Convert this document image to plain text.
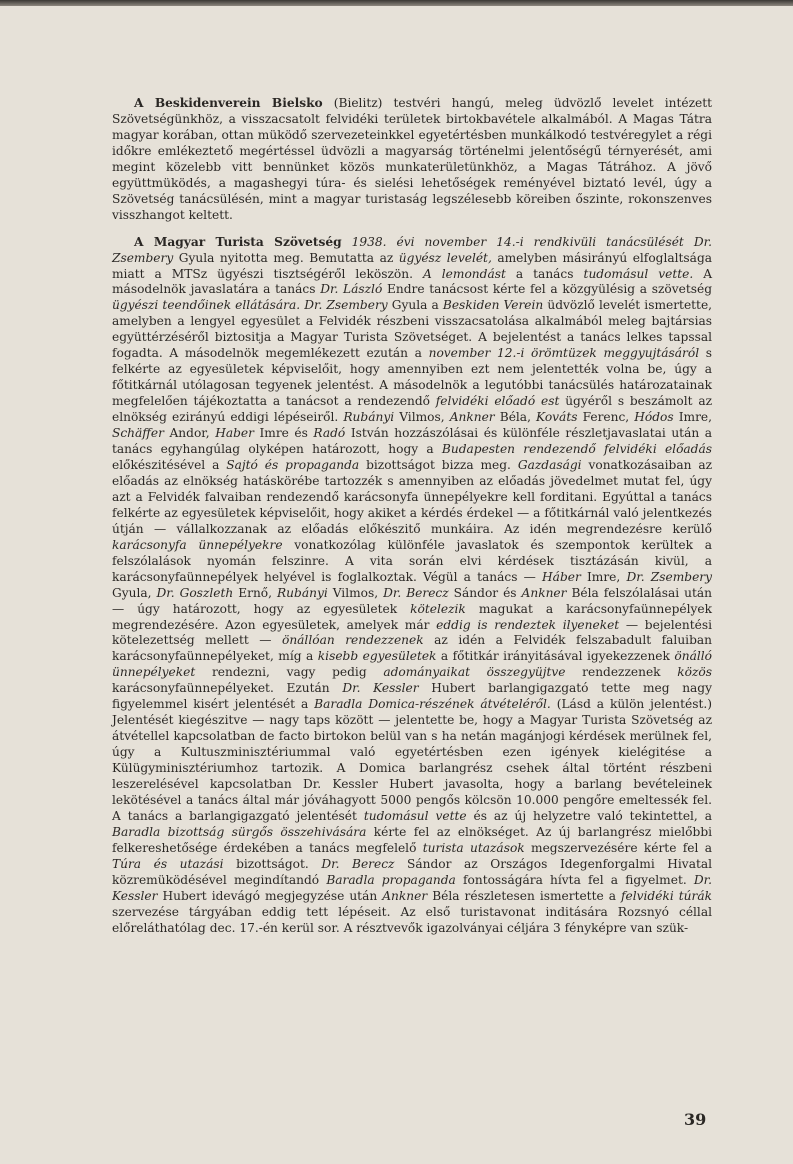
A Beskidenverein Bielsko (Bielitz) testvéri hangú, meleg üdvözlő levelet intézett Szövetségünkhöz, a visszacsatolt felvidéki területek birtokbavétele alkalmából. A Magas Tátra magyar korában, ottan müködő szervezeteinkkel egyetértésben munkálkodó testvéregylet a régi időkre emlékeztető megértéssel üdvözli a magyarság történelmi jelentőségű térnyerését, ami megint közelebb vitt bennünket közös munkaterületünkhöz, a Magas Tátrához. A jövő együttmüködés, a magashegyi túra- és sielési lehetőségek reményével biztató levél, úgy a Szövetség tanácsülésén, mint a magyar turistaság legszélesebb köreiben őszinte, rokonszenves visszhangot keltett.

A Magyar Turista Szövetség 1938. évi november 14.-i rendkivüli tanácsülését Dr. Zsembery Gyula nyitotta meg. Bemutatta az ügyész levelét, amelyben másirányú elfoglaltsága miatt a MTSz ügyészi tisztségéről leköszön. A lemondást a tanács tudomásul vette. A másodelnök javaslatára a tanács Dr. László Endre tanácsost kérte fel a közgyülésig a szövetség ügyészi teendőinek ellátására. Dr. Zsembery Gyula a Beskiden Verein üdvözlő levelét ismertette, amelyben a lengyel egyesület a Felvidék részbeni visszacsatolása alkalmából meleg bajtársias együttérzéséről biztositja a Magyar Turista Szövetséget. A bejelentést a tanács lelkes tapssal fogadta. A másodelnök megemlékezett ezután a november 12.-i örömtüzek meggyujtásáról s felkérte az egyesületek képviselőit, hogy amennyiben ezt nem jelentették volna be, úgy a főtitkárnál utólagosan tegyenek jelentést. A másodelnök a legutóbbi tanácsülés határozatainak megfelelően tájékoztatta a tanácsot a rendezendő felvidéki előadó est ügyéről s beszámolt az elnökség ezirányú eddigi lépéseiről. Rubányi Vilmos, Ankner Béla, Kováts Ferenc, Hódos Imre, Schäffer Andor, Haber Imre és Radó István hozzászólásai és különféle részletjavaslatai után a tanács egyhangúlag olyképen határozott, hogy a Budapesten rendezendő felvidéki előadás előkészitésével a Sajtó és propaganda bizottságot bizza meg. Gazdasági vonatkozásaiban az előadás az elnökség hatáskörébe tartozzék s amennyiben az előadás jövedelmet mutat fel, úgy azt a Felvidék falvaiban rendezendő karácsonyfa ünnepélyekre kell forditani. Egyúttal a tanács felkérte az egyesületek képviselőit, hogy akiket a kérdés érdekel — a főtitkárnál való jelentkezés útján — vállalkozzanak az előadás előkészitő munkáira. Az idén megrendezésre kerülő karácsonyfa ünnepélyekre vonatkozólag különféle javaslatok és szempontok kerültek a felszólalások nyomán felszinre. A vita során elvi kérdések tisztázásán kivül, a karácsonyfaünnepélyek helyével is foglalkoztak. Végül a tanács — Háber Imre, Dr. Zsembery Gyula, Dr. Goszleth Ernő, Rubányi Vilmos, Dr. Berecz Sándor és Ankner Béla felszólalásai után — úgy határozott, hogy az egyesületek kötelezik magukat a karácsonyfaünnepélyek megrendezésére. Azon egyesületek, amelyek már eddig is rendeztek ilyeneket — bejelentési kötelezettség mellett — önállóan rendezzenek az idén a Felvidék felszabadult faluiban karácsonyfaünnepélyeket, míg a kisebb egyesületek a főtitkár irányitásával igyekezzenek önálló ünnepélyeket rendezni, vagy pedig adományaikat összegyüjtve rendezzenek közös karácsonyfaünnepélyeket. Ezután Dr. Kessler Hubert barlangigazgató tette meg nagy figyelemmel kisért jelentését a Baradla Domica-részének átvételéről. (Lásd a külön jelentést.) Jelentését kiegészitve — nagy taps között — jelentette be, hogy a Magyar Turista Szövetség az átvétellel kapcsolatban de facto birtokon belül van s ha netán magánjogi kérdések merülnek fel, úgy a Kultuszminisztériummal való egyetértésben ezen igények kielégitése a Külügyminisztériumhoz tartozik. A Domica barlangrész csehek által történt részbeni leszerelésével kapcsolatban Dr. Kessler Hubert javasolta, hogy a barlang bevételeinek lekötésével a tanács által már jóváhagyott 5000 pengős kölcsön 10.000 pengőre emeltessék fel. A tanács a barlangigazgató jelentését tudomásul vette és az új helyzetre való tekintettel, a Baradla bizottság sürgős összehivására kérte fel az elnökséget. Az új barlangrész mielőbbi felkereshetősége érdekében a tanács megfelelő turista utazások megszervezésére kérte fel a Túra és utazási bizottságot. Dr. Berecz Sándor az Országos Idegenforgalmi Hivatal közremüködésével megindítandó Baradla propaganda fontosságára hívta fel a figyelmet. Dr. Kessler Hubert idevágó megjegyzése után Ankner Béla részletesen ismertette a felvidéki túrák szervezése tárgyában eddig tett lépéseit. Az első turistavonat inditására Rozsnyó céllal előreláthatólag dec. 17.-én kerül sor. A résztvevők igazolványai céljára 3 fényképre van szük-

39
